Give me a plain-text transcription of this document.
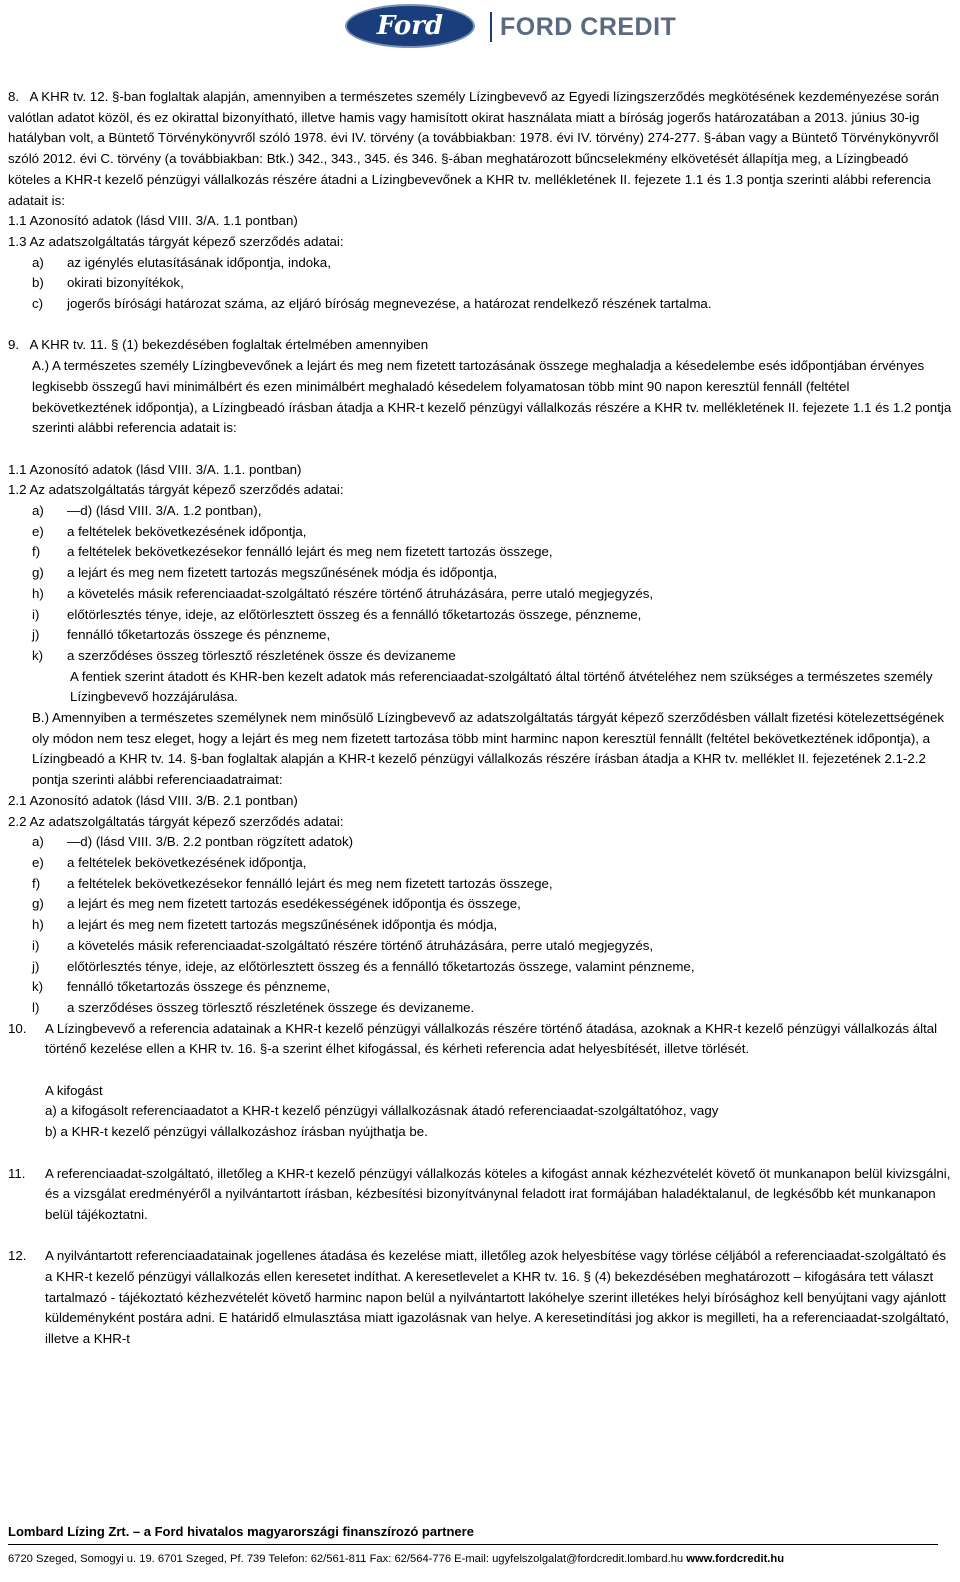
Ford FORD CREDIT

8. A KHR tv. 12. §-ban foglaltak alapján, amennyiben a természetes személy Lízingbevevő az Egyedi lízingszerződés megkötésének kezdeményezése során valótlan adatot közöl, és ez okirattal bizonyítható, illetve hamis vagy hamisított okirat használata miatt a bíróság jogerős határozatában a 2013. június 30-ig hatályban volt, a Büntető Törvénykönyvről szóló 1978. évi IV. törvény (a továbbiakban: 1978. évi IV. törvény) 274-277. §-ában vagy a Büntető Törvénykönyvről szóló 2012. évi C. törvény (a továbbiakban: Btk.) 342., 343., 345. és 346. §-ában meghatározott bűncselekmény elkövetését állapítja meg, a Lízingbeadó köteles a KHR-t kezelő pénzügyi vállalkozás részére átadni a Lízingbevevőnek a KHR tv. mellékletének II. fejezete 1.1 és 1.3 pontja szerinti alábbi referencia adatait is:

1.1 Azonosító adatok (lásd VIII. 3/A. 1.1 pontban)

1.3 Az adatszolgáltatás tárgyát képező szerződés adatai:

a)	az igénylés elutasításának időpontja, indoka,
b)	okirati bizonyítékok,
c)	jogerős bírósági határozat száma, az eljáró bíróság megnevezése, a határozat rendelkező részének tartalma.

9. A KHR tv. 11. § (1) bekezdésében foglaltak értelmében amennyiben

A.) A természetes személy Lízingbevevőnek a lejárt és meg nem fizetett tartozásának összege meghaladja a késedelembe esés időpontjában érvényes legkisebb összegű havi minimálbért és ezen minimálbért meghaladó késedelem folyamatosan több mint 90 napon keresztül fennáll (feltétel bekövetkeztének időpontja), a Lízingbeadó írásban átadja a KHR-t kezelő pénzügyi vállalkozás részére a KHR tv. mellékletének II. fejezete 1.1 és 1.2 pontja szerinti alábbi referencia adatait is:

1.1 Azonosító adatok (lásd VIII. 3/A. 1.1. pontban)

1.2 Az adatszolgáltatás tárgyát képező szerződés adatai:

a)	—d) (lásd VIII. 3/A. 1.2 pontban),
e)	a feltételek bekövetkezésének időpontja,
f)	a feltételek bekövetkezésekor fennálló lejárt és meg nem fizetett tartozás összege,
g)	a lejárt és meg nem fizetett tartozás megszűnésének módja és időpontja,
h)	a követelés másik referenciaadat-szolgáltató részére történő átruházására, perre utaló megjegyzés,
i)	előtörlesztés ténye, ideje, az előtörlesztett összeg és a fennálló tőketartozás összege, pénzneme,
j)	fennálló tőketartozás összege és pénzneme,
k)	a szerződéses összeg törlesztő részletének össze és devizaneme

A fentiek szerint átadott és KHR-ben kezelt adatok más referenciaadat-szolgáltató által történő átvételéhez nem szükséges a természetes személy Lízingbevevő hozzájárulása.

B.) Amennyiben a természetes személynek nem minősülő Lízingbevevő az adatszolgáltatás tárgyát képező szerződésben vállalt fizetési kötelezettségének oly módon nem tesz eleget, hogy a lejárt és meg nem fizetett tartozása több mint harminc napon keresztül fennállt (feltétel bekövetkeztének időpontja), a Lízingbeadó a KHR tv. 14. §-ban foglaltak alapján a KHR-t kezelő pénzügyi vállalkozás részére írásban átadja a KHR tv. melléklet II. fejezetének 2.1-2.2 pontja szerinti alábbi referenciaadatraimat:

2.1 Azonosító adatok (lásd VIII. 3/B. 2.1 pontban)

2.2 Az adatszolgáltatás tárgyát képező szerződés adatai:

a)	—d) (lásd VIII. 3/B. 2.2 pontban rögzített adatok)
e)	a feltételek bekövetkezésének időpontja,
f)	a feltételek bekövetkezésekor fennálló lejárt és meg nem fizetett tartozás összege,
g)	a lejárt és meg nem fizetett tartozás esedékességének időpontja és összege,
h)	a lejárt és meg nem fizetett tartozás megszűnésének időpontja és módja,
i)	a követelés másik referenciaadat-szolgáltató részére történő átruházására, perre utaló megjegyzés,
j)	előtörlesztés ténye, ideje, az előtörlesztett összeg és a fennálló tőketartozás összege, valamint pénzneme,
k)	fennálló tőketartozás összege és pénzneme,
l)	a szerződéses összeg törlesztő részletének összege és devizaneme.
10.	A Lízingbevevő a referencia adatainak a KHR-t kezelő pénzügyi vállalkozás részére történő átadása, azoknak a KHR-t kezelő pénzügyi vállalkozás által történő kezelése ellen a KHR tv. 16. §-a szerint élhet kifogással, és kérheti referencia adat helyesbítését, illetve törlését.

A kifogást

a) a kifogásolt referenciaadatot a KHR-t kezelő pénzügyi vállalkozásnak átadó referenciaadat-szolgáltatóhoz, vagy

b) a KHR-t kezelő pénzügyi vállalkozáshoz írásban nyújthatja be.

11.	A referenciaadat-szolgáltató, illetőleg a KHR-t kezelő pénzügyi vállalkozás köteles a kifogást annak kézhezvételét követő öt munkanapon belül kivizsgálni, és a vizsgálat eredményéről a nyilvántartott írásban, kézbesítési bizonyítványnal feladott irat formájában haladéktalanul, de legkésőbb két munkanapon belül tájékoztatni.

12.	A nyilvántartott referenciaadatainak jogellenes átadása és kezelése miatt, illetőleg azok helyesbítése vagy törlése céljából a referenciaadat-szolgáltató és a KHR-t kezelő pénzügyi vállalkozás ellen keresetet indíthat. A keresetlevelet a KHR tv. 16. § (4) bekezdésében meghatározott – kifogására tett választ tartalmazó - tájékoztató kézhezvételét követő harminc napon belül a nyilvántartott lakóhelye szerint illetékes helyi bírósághoz kell benyújtani vagy ajánlott küldeményként postára adni. E határidő elmulasztása miatt igazolásnak van helye. A keresetindítási jog akkor is megilleti, ha a referenciaadat-szolgáltató, illetve a KHR-t

Lombard Lízing Zrt. – a Ford hivatalos magyarországi finanszírozó partnere
6720 Szeged, Somogyi u. 19. 6701 Szeged, Pf. 739 Telefon: 62/561-811 Fax: 62/564-776 E-mail: ugyfelszolgalat@fordcredit.lombard.hu www.fordcredit.hu
